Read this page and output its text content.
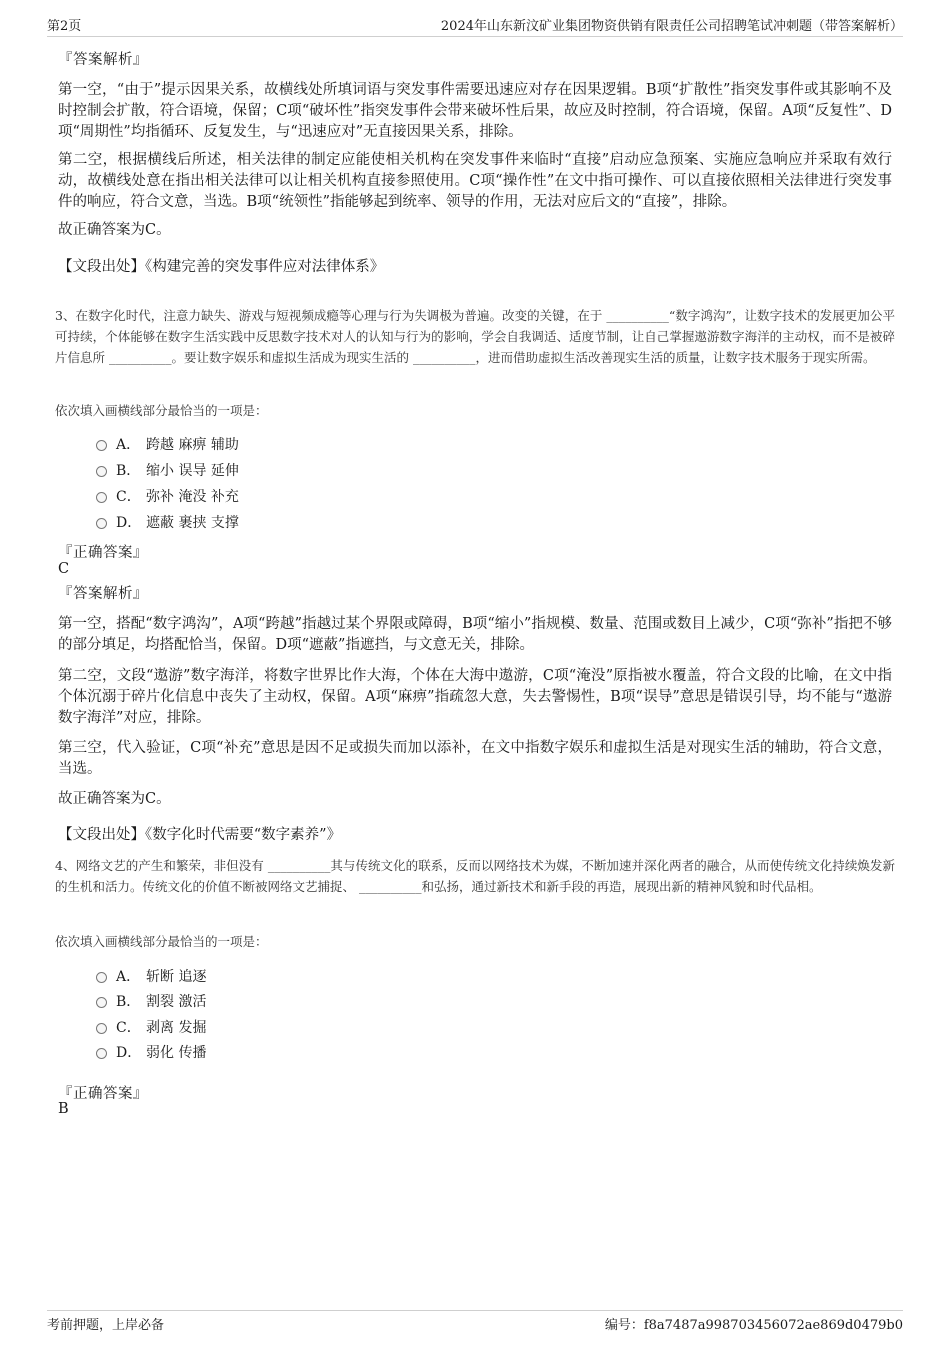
第2页	2024年山东新汶矿业集团物资供销有限责任公司招聘笔试冲刺题（带答案解析）
『答案解析』
第一空，“由于”提示因果关系，故横线处所填词语与突发事件需要迅速应对存在因果逻辑。B项“扩散性”指突发事件或其影响不及时控制会扩散，符合语境，保留；C项“破坏性”指突发事件会带来破坏性后果，故应及时控制，符合语境，保留。A项“反复性”、D项“周期性”均指循环、反复发生，与“迅速应对”无直接因果关系，排除。
第二空，根据横线后所述，相关法律的制定应能使相关机构在突发事件来临时“直接”启动应急预案、实施应急响应并采取有效行动，故横线处意在指出相关法律可以让相关机构直接参照使用。C项“操作性”在文中指可操作、可以直接依照相关法律进行突发事件的响应，符合文意，当选。B项“统领性”指能够起到统率、领导的作用，无法对应后文的“直接”，排除。
故正确答案为C。
【文段出处】《构建完善的突发事件应对法律体系》
3、在数字化时代，注意力缺失、游戏与短视频成瘾等心理与行为失调极为普遍。改变的关键，在于 __________“数字鸿沟”，让数字技术的发展更加公平可持续，个体能够在数字生活实践中反思数字技术对人的认知与行为的影响，学会自我调适、适度节制，让自己掌握遨游数字海洋的主动权，而不是被碎片信息所 __________。要让数字娱乐和虚拟生活成为现实生活的 __________，进而借助虚拟生活改善现实生活的质量，让数字技术服务于现实所需。
依次填入画横线部分最恰当的一项是：
A． 跨越 麻痹 辅助
B． 缩小 误导 延伸
C． 弥补 淹没 补充
D． 遮蔽 裹挟 支撑
『正确答案』
C
『答案解析』
第一空，搭配“数字鸿沟”，A项“跨越”指越过某个界限或障碍，B项“缩小”指规模、数量、范围或数目上减少，C项“弥补”指把不够的部分填足，均搭配恰当，保留。D项“遮蔽”指遮挡，与文意无关，排除。
第二空，文段“遨游”数字海洋，将数字世界比作大海，个体在大海中遨游，C项“淹没”原指被水覆盖，符合文段的比喻，在文中指个体沉溺于碎片化信息中丧失了主动权，保留。A项“麻痹”指疏忽大意，失去警惕性，B项“误导”意思是错误引导，均不能与“遨游数字海洋”对应，排除。
第三空，代入验证，C项“补充”意思是因不足或损失而加以添补，在文中指数字娱乐和虚拟生活是对现实生活的辅助，符合文意，当选。
故正确答案为C。
【文段出处】《数字化时代需要“数字素养”》
4、网络文艺的产生和繁荣，非但没有 __________其与传统文化的联系，反而以网络技术为媒，不断加速并深化两者的融合，从而使传统文化持续焕发新的生机和活力。传统文化的价值不断被网络文艺捕捉、 __________和弘扬，通过新技术和新手段的再造，展现出新的精神风貌和时代品相。
依次填入画横线部分最恰当的一项是：
A． 斩断 追逐
B． 割裂 激活
C． 剥离 发掘
D． 弱化 传播
『正确答案』
B
考前押题，上岸必备	编号：f8a7487a998703456072ae869d0479b0
